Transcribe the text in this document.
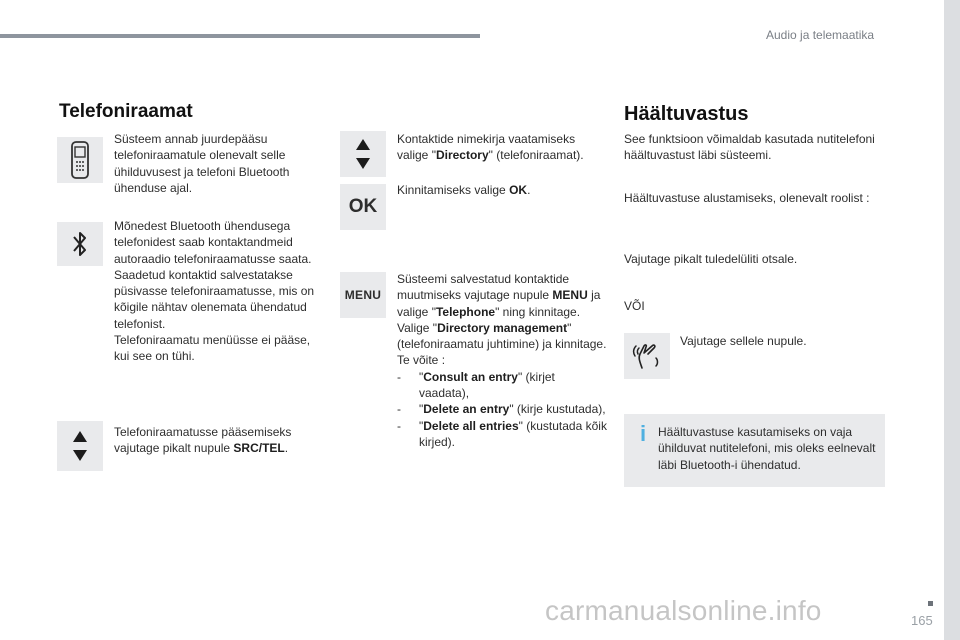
Audio ja telemaatika
Telefoniraamat
Süsteem annab juurdepääsu telefoniraamatule olenevalt selle ühilduvusest ja telefoni Bluetooth ühenduse ajal.
Mõnedest Bluetooth ühendusega telefonidest saab kontaktandmeid autoraadio telefoniraamatusse saata. Saadetud kontaktid salvestatakse püsivasse telefoniraamatusse, mis on kõigile nähtav olenemata ühendatud telefonist.
Telefoniraamatu menüüsse ei pääse, kui see on tühi.
Telefoniraamatusse pääsemiseks vajutage pikalt nupule SRC/TEL.
Kontaktide nimekirja vaatamiseks valige "Directory" (telefoniraamat).
OK
Kinnitamiseks valige OK.
MENU
Süsteemi salvestatud kontaktide muutmiseks vajutage nupule MENU ja valige "Telephone" ning kinnitage. Valige "Directory management" (telefoniraamatu juhtimine) ja kinnitage.
Te võite :
- "Consult an entry" (kirjet vaadata),
- "Delete an entry" (kirje kustutada),
- "Delete all entries" (kustutada kõik kirjed).
Häältuvastus
See funktsioon võimaldab kasutada nutitelefoni häältuvastust läbi süsteemi.
Häältuvastuse alustamiseks, olenevalt roolist :
Vajutage pikalt tuledelüliti otsale.
VÕI
Vajutage sellele nupule.
i Häältuvastuse kasutamiseks on vaja ühilduvat nutitelefoni, mis oleks eelnevalt läbi Bluetooth-i ühendatud.
carmanualsonline.info	165
